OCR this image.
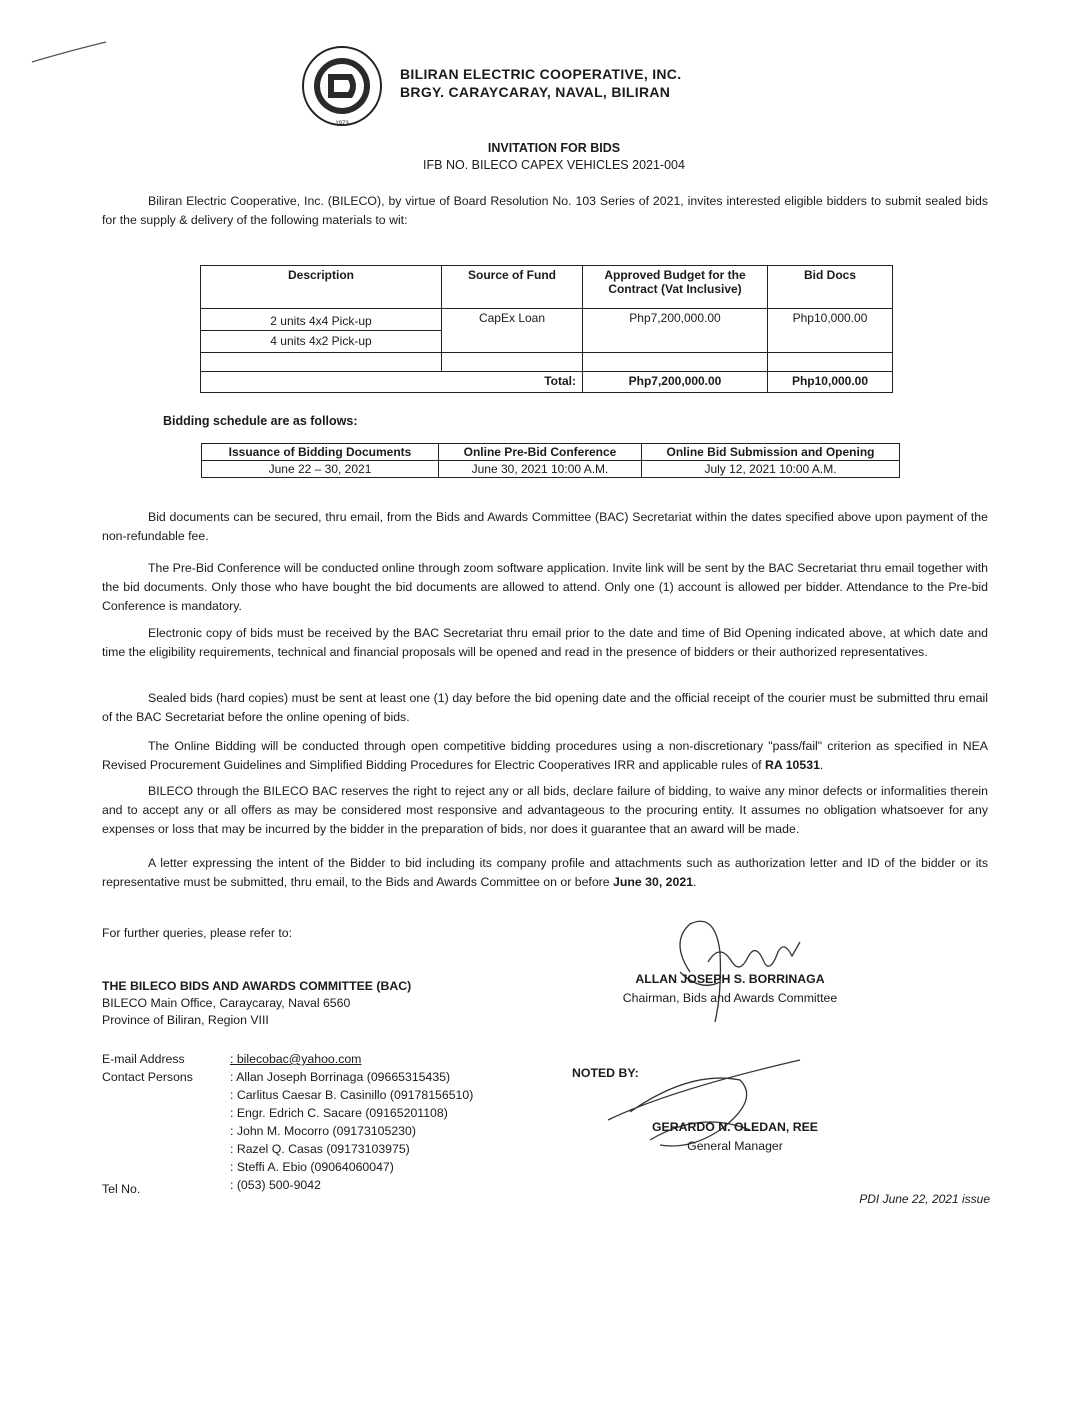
1973
BILIRAN ELECTRIC COOPERATIVE, INC.
BRGY. CARAYCARAY, NAVAL, BILIRAN
INVITATION FOR BIDS
IFB NO. BILECO CAPEX VEHICLES 2021-004

Biliran Electric Cooperative, Inc. (BILECO), by virtue of Board Resolution No. 103 Series of 2021, invites interested eligible bidders to submit sealed bids for the supply & delivery of the following materials to wit:

Description	Source of Fund	Approved Budget for the Contract (Vat Inclusive)	Bid Docs

2 units 4x4 Pick-up
4 units 4x2 Pick-up	CapEx Loan	Php7,200,000.00	Php10,000.00

Total:		Php7,200,000.00	Php10,000.00
Bidding schedule are as follows:
Issuance of Bidding Documents	Online Pre-Bid Conference	Online Bid Submission and Opening
June 22 – 30, 2021	June 30, 2021 10:00 A.M.	July 12, 2021 10:00 A.M.

Bid documents can be secured, thru email, from the Bids and Awards Committee (BAC) Secretariat within the dates specified above upon payment of the non-refundable fee.

The Pre-Bid Conference will be conducted online through zoom software application. Invite link will be sent by the BAC Secretariat thru email together with the bid documents. Only those who have bought the bid documents are allowed to attend. Only one (1) account is allowed per bidder. Attendance to the Pre-bid Conference is mandatory.

Electronic copy of bids must be received by the BAC Secretariat thru email prior to the date and time of Bid Opening indicated above, at which date and time the eligibility requirements, technical and financial proposals will be opened and read in the presence of bidders or their authorized representatives.

Sealed bids (hard copies) must be sent at least one (1) day before the bid opening date and the official receipt of the courier must be submitted thru email of the BAC Secretariat before the online opening of bids.

The Online Bidding will be conducted through open competitive bidding procedures using a non-discretionary "pass/fail" criterion as specified in NEA Revised Procurement Guidelines and Simplified Bidding Procedures for Electric Cooperatives IRR and applicable rules of RA 10531.

BILECO through the BILECO BAC reserves the right to reject any or all bids, declare failure of bidding, to waive any minor defects or informalities therein and to accept any or all offers as may be considered most responsive and advantageous to the procuring entity. It assumes no obligation whatsoever for any expenses or loss that may be incurred by the bidder in the preparation of bids, nor does it guarantee that an award will be made.

A letter expressing the intent of the Bidder to bid including its company profile and attachments such as authorization letter and ID of the bidder or its representative must be submitted, thru email, to the Bids and Awards Committee on or before June 30, 2021.

For further queries, please refer to:
THE BILECO BIDS AND AWARDS COMMITTEE (BAC)
BILECO Main Office, Caraycaray, Naval 6560
Province of Biliran, Region VIII
E-mail Address	: bilecobac@yahoo.com
Contact Persons	: Allan Joseph Borrinaga (09665315435)
: Carlitus Caesar B. Casinillo (09178156510)
: Engr. Edrich C. Sacare (09165201108)
: John M. Mocorro (09173105230)
: Razel Q. Casas (09173103975)
: Steffi A. Ebio (09064060047)
Tel No.	: (053) 500-9042
ALLAN JOSEPH S. BORRINAGA
Chairman, Bids and Awards Committee
NOTED BY:
GERARDO N. OLEDAN, REE
General Manager
PDI June 22, 2021 issue
